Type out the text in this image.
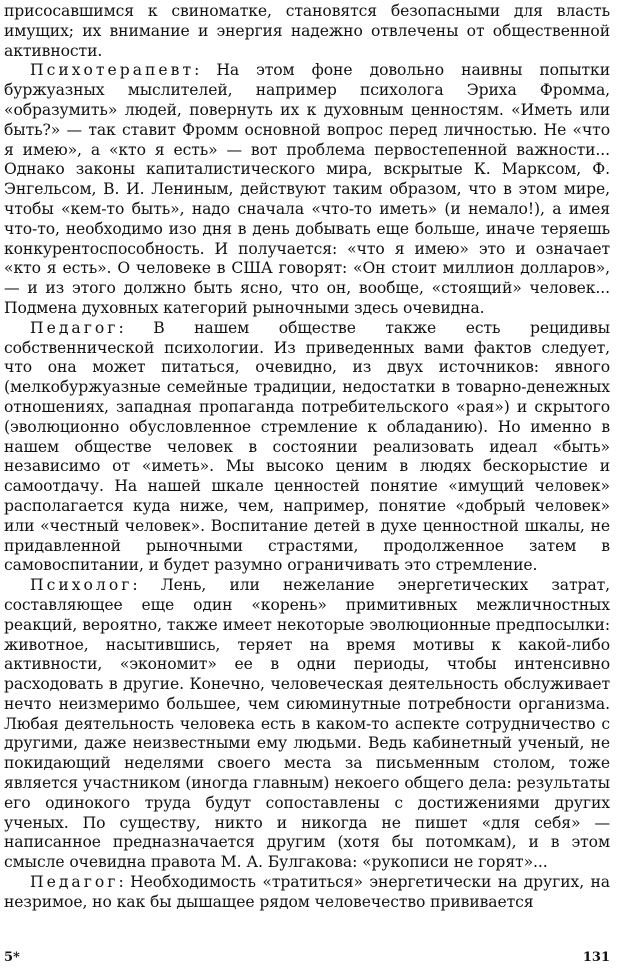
присосавшимся к свиноматке, становятся безопасными для власть имущих; их внимание и энергия надежно отвлечены от общественной активности.

Психотерапевт: На этом фоне довольно наивны попытки буржуазных мыслителей, например психолога Эриха Фромма, «образумить» людей, повернуть их к духовным ценностям. «Иметь или быть?» — так ставит Фромм основной вопрос перед личностью. Не «что я имею», а «кто я есть» — вот проблема первостепенной важности... Однако законы капиталистического мира, вскрытые К. Марксом, Ф. Энгельсом, В. И. Лениным, действуют таким образом, что в этом мире, чтобы «кем-то быть», надо сначала «что-то иметь» (и немало!), а имея что-то, необходимо изо дня в день добывать еще больше, иначе теряешь конкурентоспособность. И получается: «что я имею» это и означает «кто я есть». О человеке в США говорят: «Он стоит миллион долларов», — и из этого должно быть ясно, что он, вообще, «стоящий» человек... Подмена духовных категорий рыночными здесь очевидна.

Педагог: В нашем обществе также есть рецидивы собственнической психологии. Из приведенных вами фактов следует, что она может питаться, очевидно, из двух источников: явного (мелкобуржуазные семейные традиции, недостатки в товарно-денежных отношениях, западная пропаганда потребительского «рая») и скрытого (эволюционно обусловленное стремление к обладанию). Но именно в нашем обществе человек в состоянии реализовать идеал «быть» независимо от «иметь». Мы высоко ценим в людях бескорыстие и самоотдачу. На нашей шкале ценностей понятие «имущий человек» располагается куда ниже, чем, например, понятие «добрый человек» или «честный человек». Воспитание детей в духе ценностной шкалы, не придавленной рыночными страстями, продолженное затем в самовоспитании, и будет разумно ограничивать это стремление.

Психолог: Лень, или нежелание энергетических затрат, составляющее еще один «корень» примитивных межличностных реакций, вероятно, также имеет некоторые эволюционные предпосылки: животное, насытившись, теряет на время мотивы к какой-либо активности, «экономит» ее в одни периоды, чтобы интенсивно расходовать в другие. Конечно, человеческая деятельность обслуживает нечто неизмеримо большее, чем сиюминутные потребности организма. Любая деятельность человека есть в каком-то аспекте сотрудничество с другими, даже неизвестными ему людьми. Ведь кабинетный ученый, не покидающий неделями своего места за письменным столом, тоже является участником (иногда главным) некоего общего дела: результаты его одинокого труда будут сопоставлены с достижениями других ученых. По существу, никто и никогда не пишет «для себя» — написанное предназначается другим (хотя бы потомкам), и в этом смысле очевидна правота М. А. Булгакова: «рукописи не горят»...

Педагог: Необходимость «тратиться» энергетически на других, на незримое, но как бы дышащее рядом человечество прививается

5*	131
